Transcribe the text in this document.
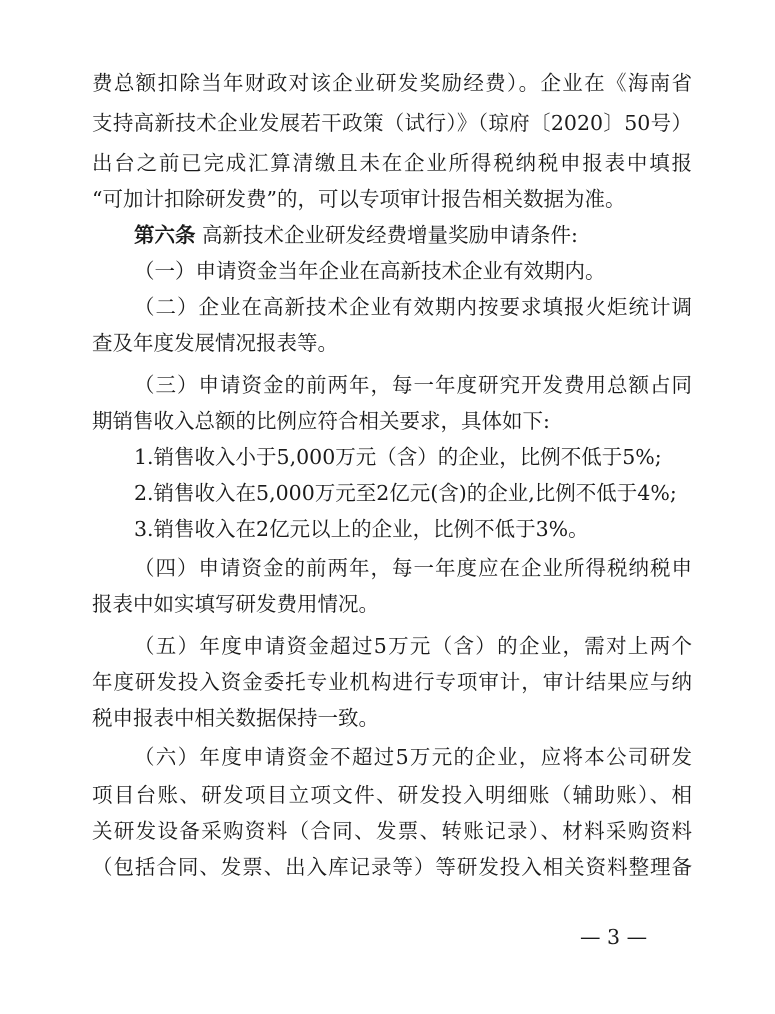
费总额扣除当年财政对该企业研发奖励经费）。企业在《海南省
支持高新技术企业发展若干政策（试行）》（琼府〔2020〕50号）
出台之前已完成汇算清缴且未在企业所得税纳税申报表中填报
“可加计扣除研发费”的，可以专项审计报告相关数据为准。
第六条 高新技术企业研发经费增量奖励申请条件:
（一）申请资金当年企业在高新技术企业有效期内。
（二）企业在高新技术企业有效期内按要求填报火炬统计调
查及年度发展情况报表等。
（三）申请资金的前两年，每一年度研究开发费用总额占同
期销售收入总额的比例应符合相关要求，具体如下:
1.销售收入小于5,000万元（含）的企业，比例不低于5%;
2.销售收入在5,000万元至2亿元(含)的企业,比例不低于4%;
3.销售收入在2亿元以上的企业，比例不低于3%。
（四）申请资金的前两年，每一年度应在企业所得税纳税申
报表中如实填写研发费用情况。
（五）年度申请资金超过5万元（含）的企业，需对上两个
年度研发投入资金委托专业机构进行专项审计，审计结果应与纳
税申报表中相关数据保持一致。
（六）年度申请资金不超过5万元的企业，应将本公司研发
项目台账、研发项目立项文件、研发投入明细账（辅助账）、相
关研发设备采购资料（合同、发票、转账记录）、材料采购资料
（包括合同、发票、出入库记录等）等研发投入相关资料整理备
— 3 —
